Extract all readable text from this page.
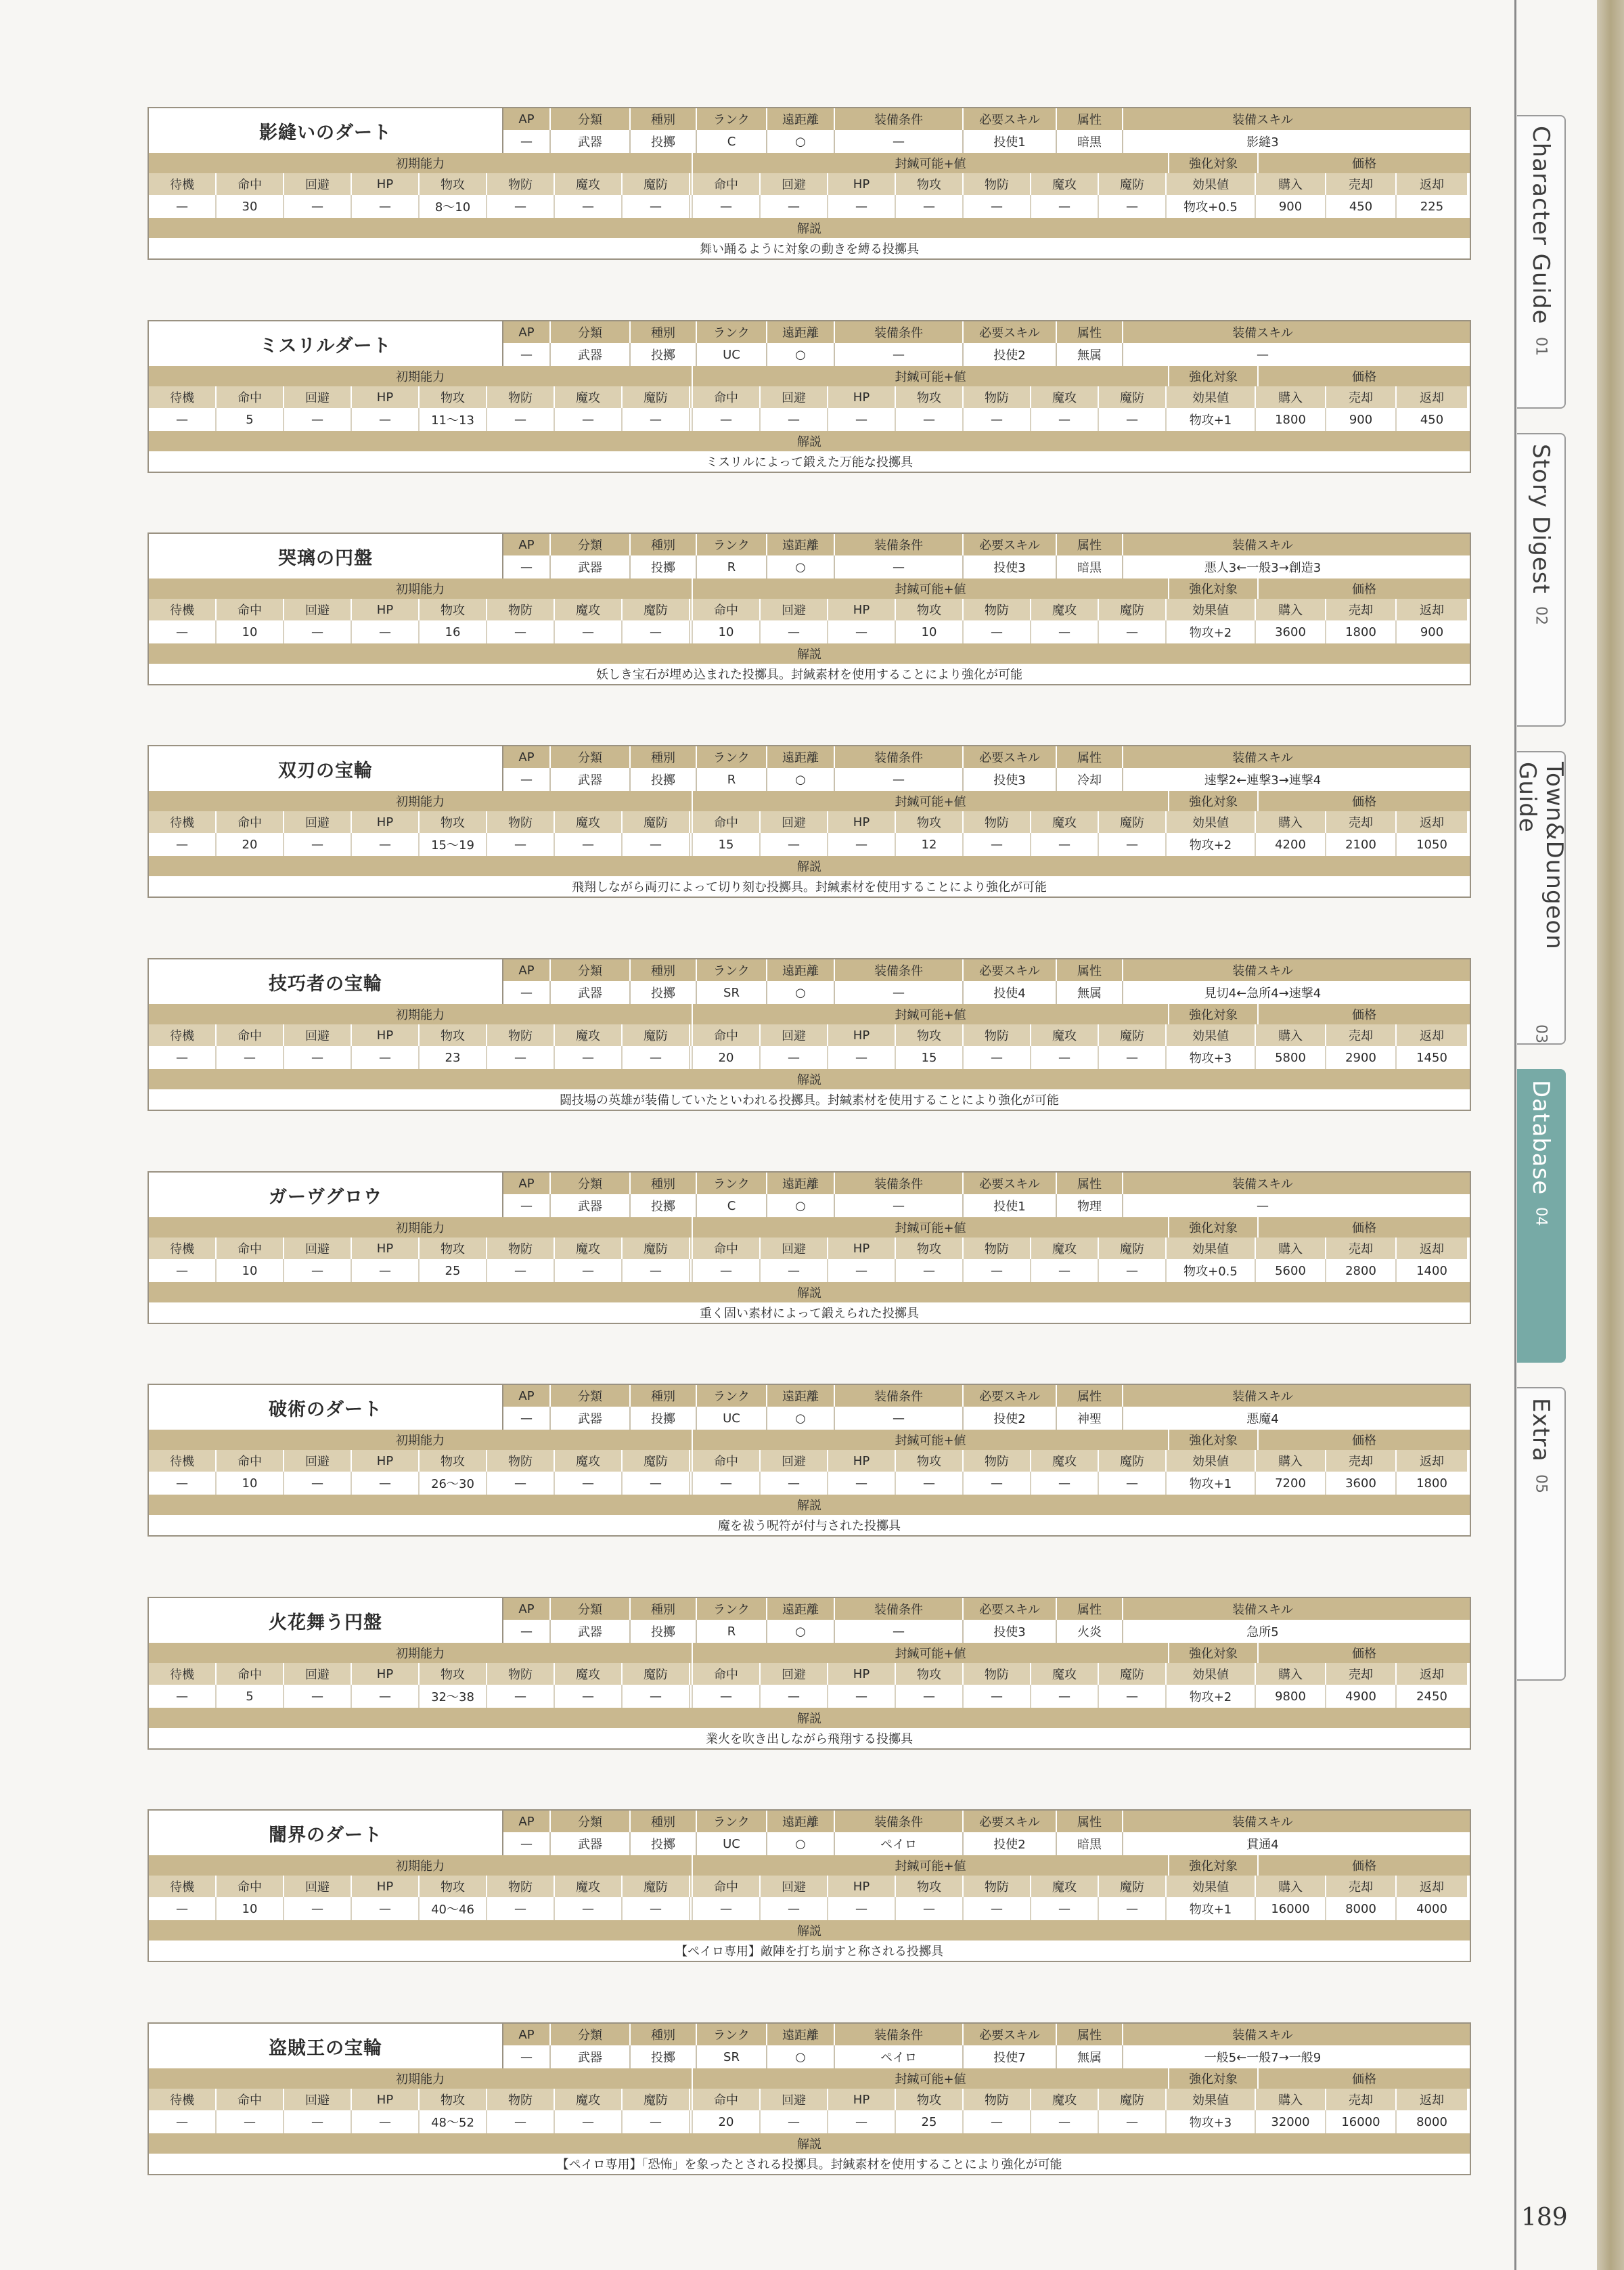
影縫いのダート
AP	分類	種別	ランク	遠距離	装備条件	必要スキル	属性	装備スキル
—	武器	投擲	C	○	—	投使1	暗黒	影縫3
初期能力	封緘可能+値	強化対象	価格
待機	命中	回避	HP	物攻	物防	魔攻	魔防	命中	回避	HP	物攻	物防	魔攻	魔防	効果値	購入	売却	返却
—	30	—	—	8～10	—	—	—	—	—	—	—	—	—	—	物攻+0.5	900	450	225
解説
舞い踊るように対象の動きを縛る投擲具
ミスリルダート
AP	分類	種別	ランク	遠距離	装備条件	必要スキル	属性	装備スキル
—	武器	投擲	UC	○	—	投使2	無属	—
初期能力	封緘可能+値	強化対象	価格
待機	命中	回避	HP	物攻	物防	魔攻	魔防	命中	回避	HP	物攻	物防	魔攻	魔防	効果値	購入	売却	返却
—	5	—	—	11～13	—	—	—	—	—	—	—	—	—	—	物攻+1	1800	900	450
解説
ミスリルによって鍛えた万能な投擲具
哭璃の円盤
AP	分類	種別	ランク	遠距離	装備条件	必要スキル	属性	装備スキル
—	武器	投擲	R	○	—	投使3	暗黒	悪人3←一般3→創造3
初期能力	封緘可能+値	強化対象	価格
待機	命中	回避	HP	物攻	物防	魔攻	魔防	命中	回避	HP	物攻	物防	魔攻	魔防	効果値	購入	売却	返却
—	10	—	—	16	—	—	—	10	—	—	10	—	—	—	物攻+2	3600	1800	900
解説
妖しき宝石が埋め込まれた投擲具。封緘素材を使用することにより強化が可能
双刃の宝輪
AP	分類	種別	ランク	遠距離	装備条件	必要スキル	属性	装備スキル
—	武器	投擲	R	○	—	投使3	冷却	速撃2←連撃3→連撃4
初期能力	封緘可能+値	強化対象	価格
待機	命中	回避	HP	物攻	物防	魔攻	魔防	命中	回避	HP	物攻	物防	魔攻	魔防	効果値	購入	売却	返却
—	20	—	—	15～19	—	—	—	15	—	—	12	—	—	—	物攻+2	4200	2100	1050
解説
飛翔しながら両刃によって切り刻む投擲具。封緘素材を使用することにより強化が可能
技巧者の宝輪
AP	分類	種別	ランク	遠距離	装備条件	必要スキル	属性	装備スキル
—	武器	投擲	SR	○	—	投使4	無属	見切4←急所4→速撃4
初期能力	封緘可能+値	強化対象	価格
待機	命中	回避	HP	物攻	物防	魔攻	魔防	命中	回避	HP	物攻	物防	魔攻	魔防	効果値	購入	売却	返却
—	—	—	—	23	—	—	—	20	—	—	15	—	—	—	物攻+3	5800	2900	1450
解説
闘技場の英雄が装備していたといわれる投擲具。封緘素材を使用することにより強化が可能
ガーヴグロウ
AP	分類	種別	ランク	遠距離	装備条件	必要スキル	属性	装備スキル
—	武器	投擲	C	○	—	投使1	物理	—
初期能力	封緘可能+値	強化対象	価格
待機	命中	回避	HP	物攻	物防	魔攻	魔防	命中	回避	HP	物攻	物防	魔攻	魔防	効果値	購入	売却	返却
—	10	—	—	25	—	—	—	—	—	—	—	—	—	—	物攻+0.5	5600	2800	1400
解説
重く固い素材によって鍛えられた投擲具
破術のダート
AP	分類	種別	ランク	遠距離	装備条件	必要スキル	属性	装備スキル
—	武器	投擲	UC	○	—	投使2	神聖	悪魔4
初期能力	封緘可能+値	強化対象	価格
待機	命中	回避	HP	物攻	物防	魔攻	魔防	命中	回避	HP	物攻	物防	魔攻	魔防	効果値	購入	売却	返却
—	10	—	—	26～30	—	—	—	—	—	—	—	—	—	—	物攻+1	7200	3600	1800
解説
魔を祓う呪符が付与された投擲具
火花舞う円盤
AP	分類	種別	ランク	遠距離	装備条件	必要スキル	属性	装備スキル
—	武器	投擲	R	○	—	投使3	火炎	急所5
初期能力	封緘可能+値	強化対象	価格
待機	命中	回避	HP	物攻	物防	魔攻	魔防	命中	回避	HP	物攻	物防	魔攻	魔防	効果値	購入	売却	返却
—	5	—	—	32～38	—	—	—	—	—	—	—	—	—	—	物攻+2	9800	4900	2450
解説
業火を吹き出しながら飛翔する投擲具
闇界のダート
AP	分類	種別	ランク	遠距離	装備条件	必要スキル	属性	装備スキル
—	武器	投擲	UC	○	ペイロ	投使2	暗黒	貫通4
初期能力	封緘可能+値	強化対象	価格
待機	命中	回避	HP	物攻	物防	魔攻	魔防	命中	回避	HP	物攻	物防	魔攻	魔防	効果値	購入	売却	返却
—	10	—	—	40～46	—	—	—	—	—	—	—	—	—	—	物攻+1	16000	8000	4000
解説
【ペイロ専用】敵陣を打ち崩すと称される投擲具
盗賊王の宝輪
AP	分類	種別	ランク	遠距離	装備条件	必要スキル	属性	装備スキル
—	武器	投擲	SR	○	ペイロ	投使7	無属	一般5←一般7→一般9
初期能力	封緘可能+値	強化対象	価格
待機	命中	回避	HP	物攻	物防	魔攻	魔防	命中	回避	HP	物攻	物防	魔攻	魔防	効果値	購入	売却	返却
—	—	—	—	48～52	—	—	—	20	—	—	25	—	—	—	物攻+3	32000	16000	8000
解説
【ペイロ専用】「恐怖」を象ったとされる投擲具。封緘素材を使用することにより強化が可能
Character Guide
01
Story Digest
02
Town&Dungeon Guide
03
Database
04
Extra
05
189
